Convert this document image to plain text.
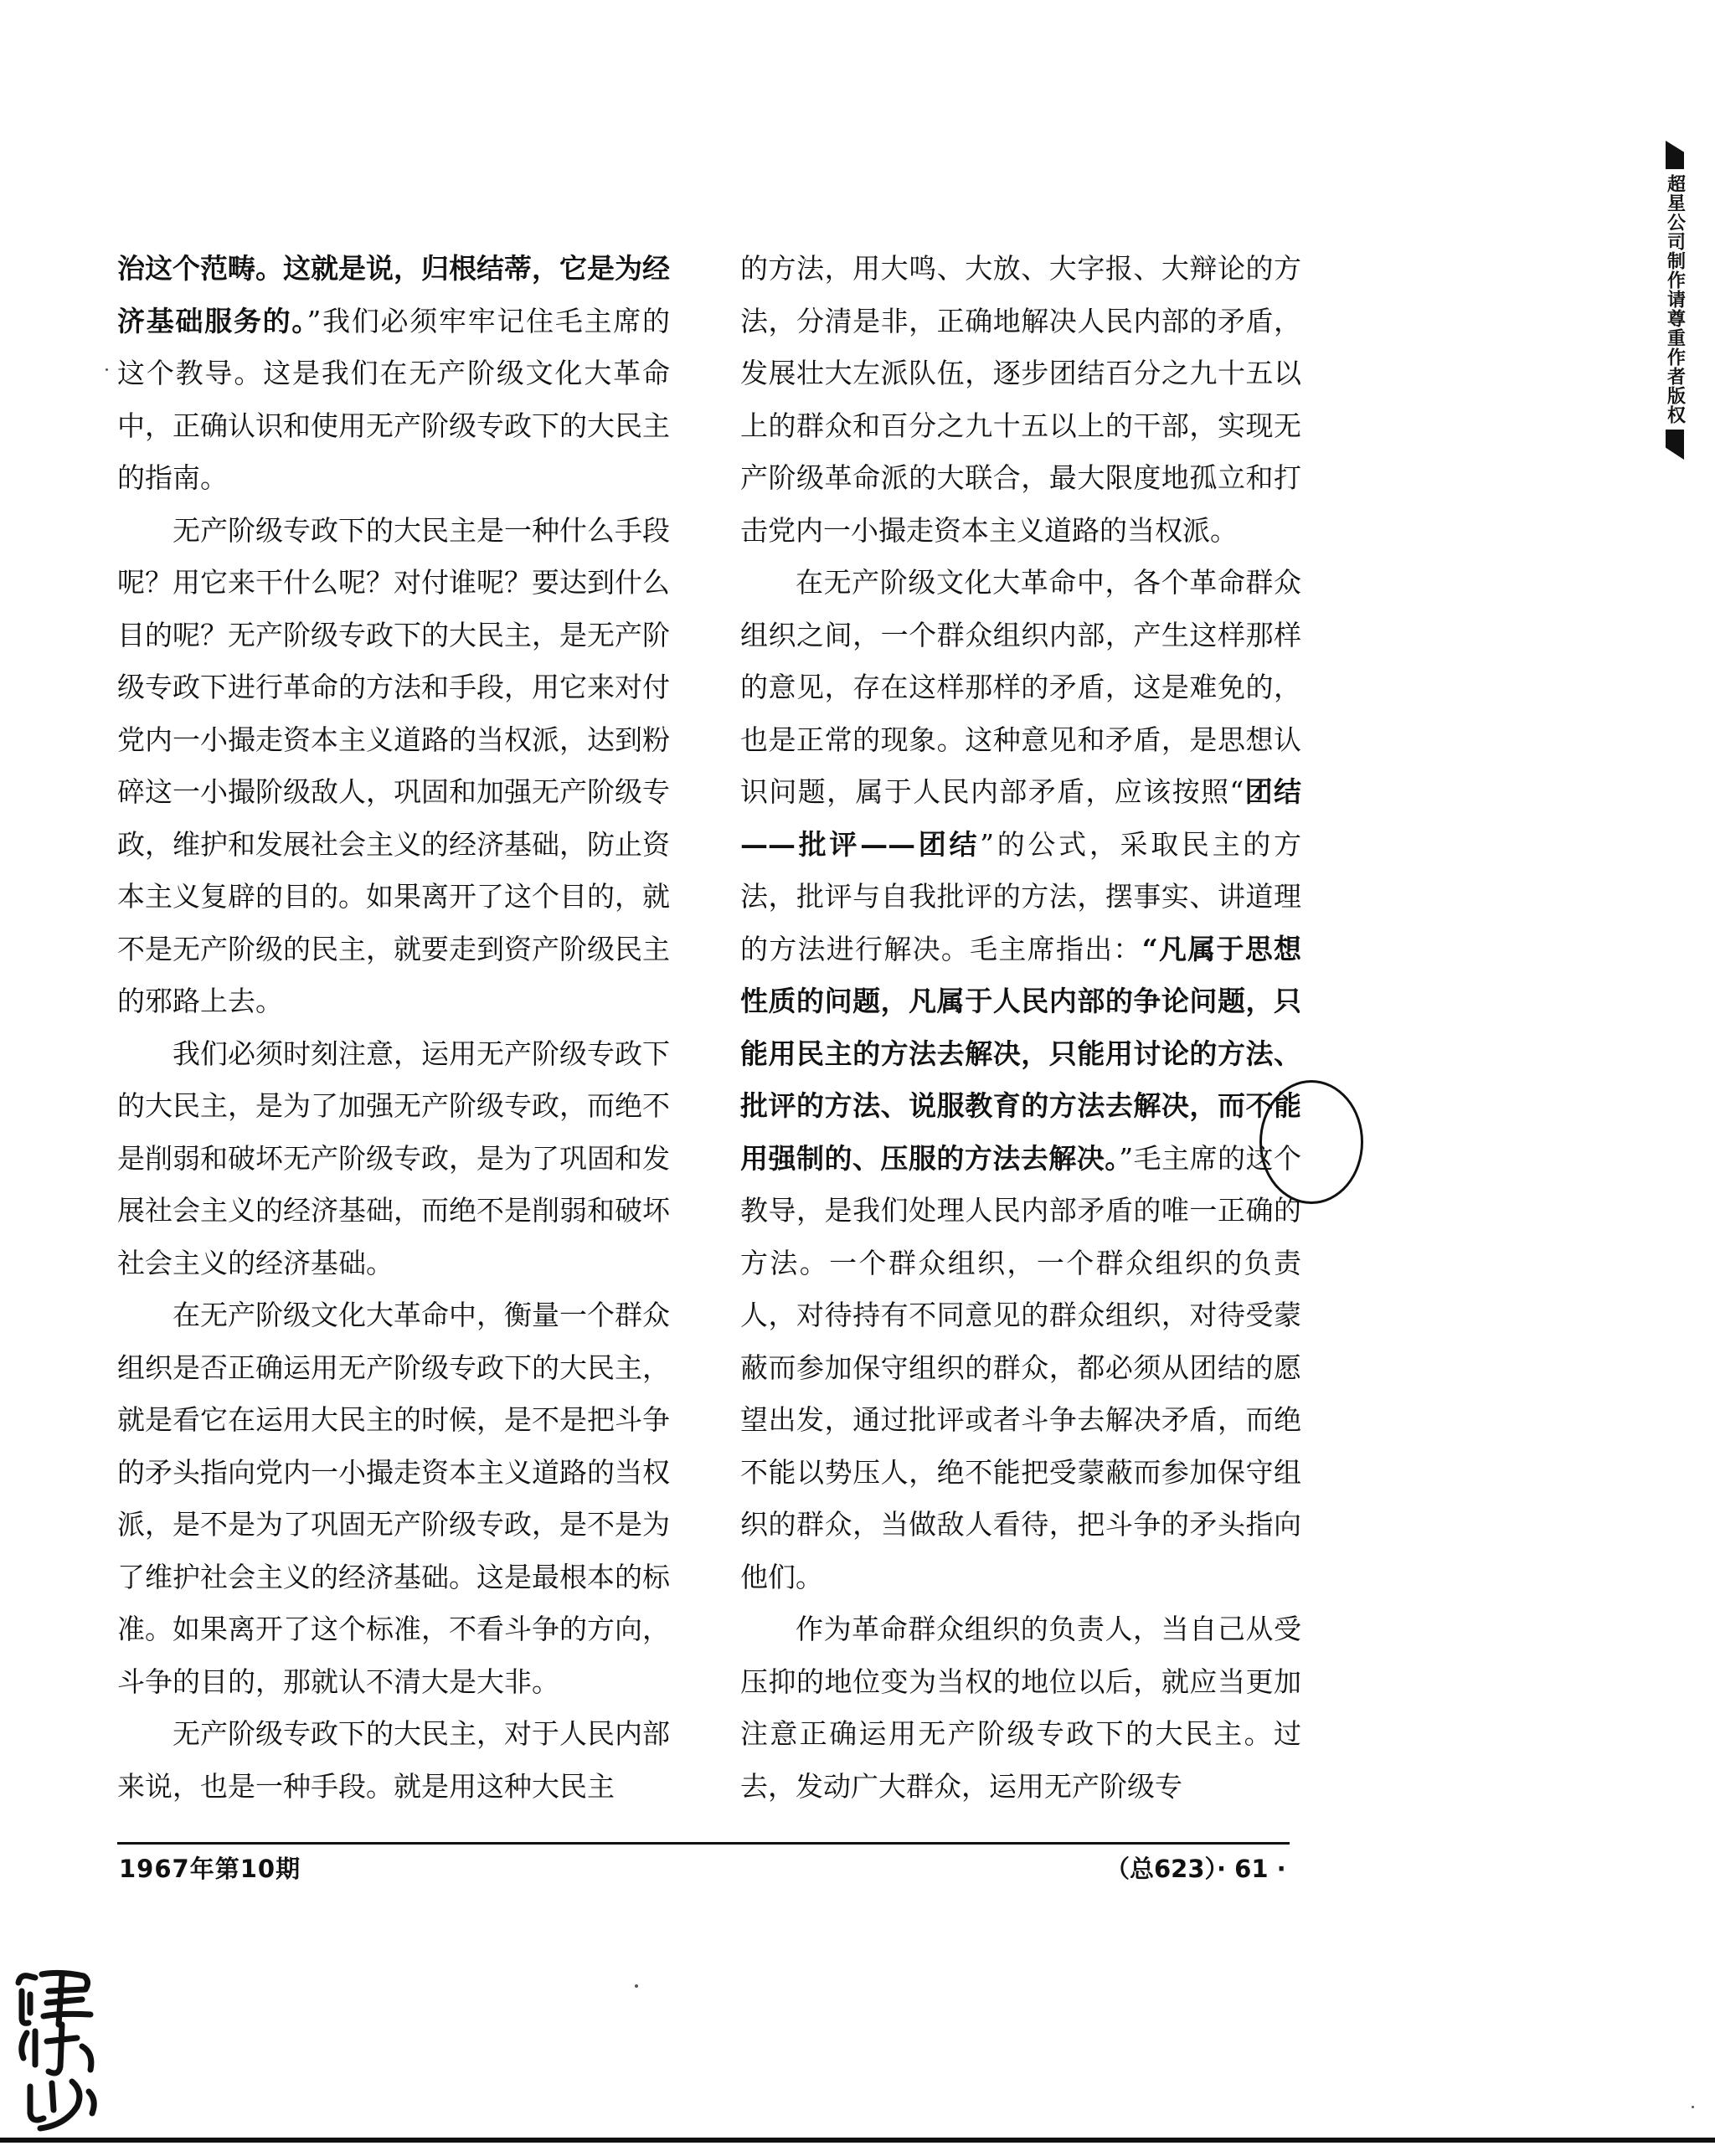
治这个范畴。这就是说，归根结蒂，它是为经济基础服务的。”我们必须牢牢记住毛主席的这个教导。这是我们在无产阶级文化大革命中，正确认识和使用无产阶级专政下的大民主的指南。

无产阶级专政下的大民主是一种什么手段呢？用它来干什么呢？对付谁呢？要达到什么目的呢？无产阶级专政下的大民主，是无产阶级专政下进行革命的方法和手段，用它来对付党内一小撮走资本主义道路的当权派，达到粉碎这一小撮阶级敌人，巩固和加强无产阶级专政，维护和发展社会主义的经济基础，防止资本主义复辟的目的。如果离开了这个目的，就不是无产阶级的民主，就要走到资产阶级民主的邪路上去。

我们必须时刻注意，运用无产阶级专政下的大民主，是为了加强无产阶级专政，而绝不是削弱和破坏无产阶级专政，是为了巩固和发展社会主义的经济基础，而绝不是削弱和破坏社会主义的经济基础。

在无产阶级文化大革命中，衡量一个群众组织是否正确运用无产阶级专政下的大民主，就是看它在运用大民主的时候，是不是把斗争的矛头指向党内一小撮走资本主义道路的当权派，是不是为了巩固无产阶级专政，是不是为了维护社会主义的经济基础。这是最根本的标准。如果离开了这个标准，不看斗争的方向，斗争的目的，那就认不清大是大非。

无产阶级专政下的大民主，对于人民内部来说，也是一种手段。就是用这种大民主

的方法，用大鸣、大放、大字报、大辩论的方法，分清是非，正确地解决人民内部的矛盾，发展壮大左派队伍，逐步团结百分之九十五以上的群众和百分之九十五以上的干部，实现无产阶级革命派的大联合，最大限度地孤立和打击党内一小撮走资本主义道路的当权派。

在无产阶级文化大革命中，各个革命群众组织之间，一个群众组织内部，产生这样那样的意见，存在这样那样的矛盾，这是难免的，也是正常的现象。这种意见和矛盾，是思想认识问题，属于人民内部矛盾，应该按照“团结——批评——团结”的公式，采取民主的方法，批评与自我批评的方法，摆事实、讲道理的方法进行解决。毛主席指出：“凡属于思想性质的问题，凡属于人民内部的争论问题，只能用民主的方法去解决，只能用讨论的方法、批评的方法、说服教育的方法去解决，而不能用强制的、压服的方法去解决。”毛主席的这个教导，是我们处理人民内部矛盾的唯一正确的方法。一个群众组织，一个群众组织的负责人，对待持有不同意见的群众组织，对待受蒙蔽而参加保守组织的群众，都必须从团结的愿望出发，通过批评或者斗争去解决矛盾，而绝不能以势压人，绝不能把受蒙蔽而参加保守组织的群众，当做敌人看待，把斗争的矛头指向他们。

作为革命群众组织的负责人，当自己从受压抑的地位变为当权的地位以后，就应当更加注意正确运用无产阶级专政下的大民主。过去，发动广大群众，运用无产阶级专

1967年第10期	（总623）· 61 ·
超星公司制作请尊重作者版权
